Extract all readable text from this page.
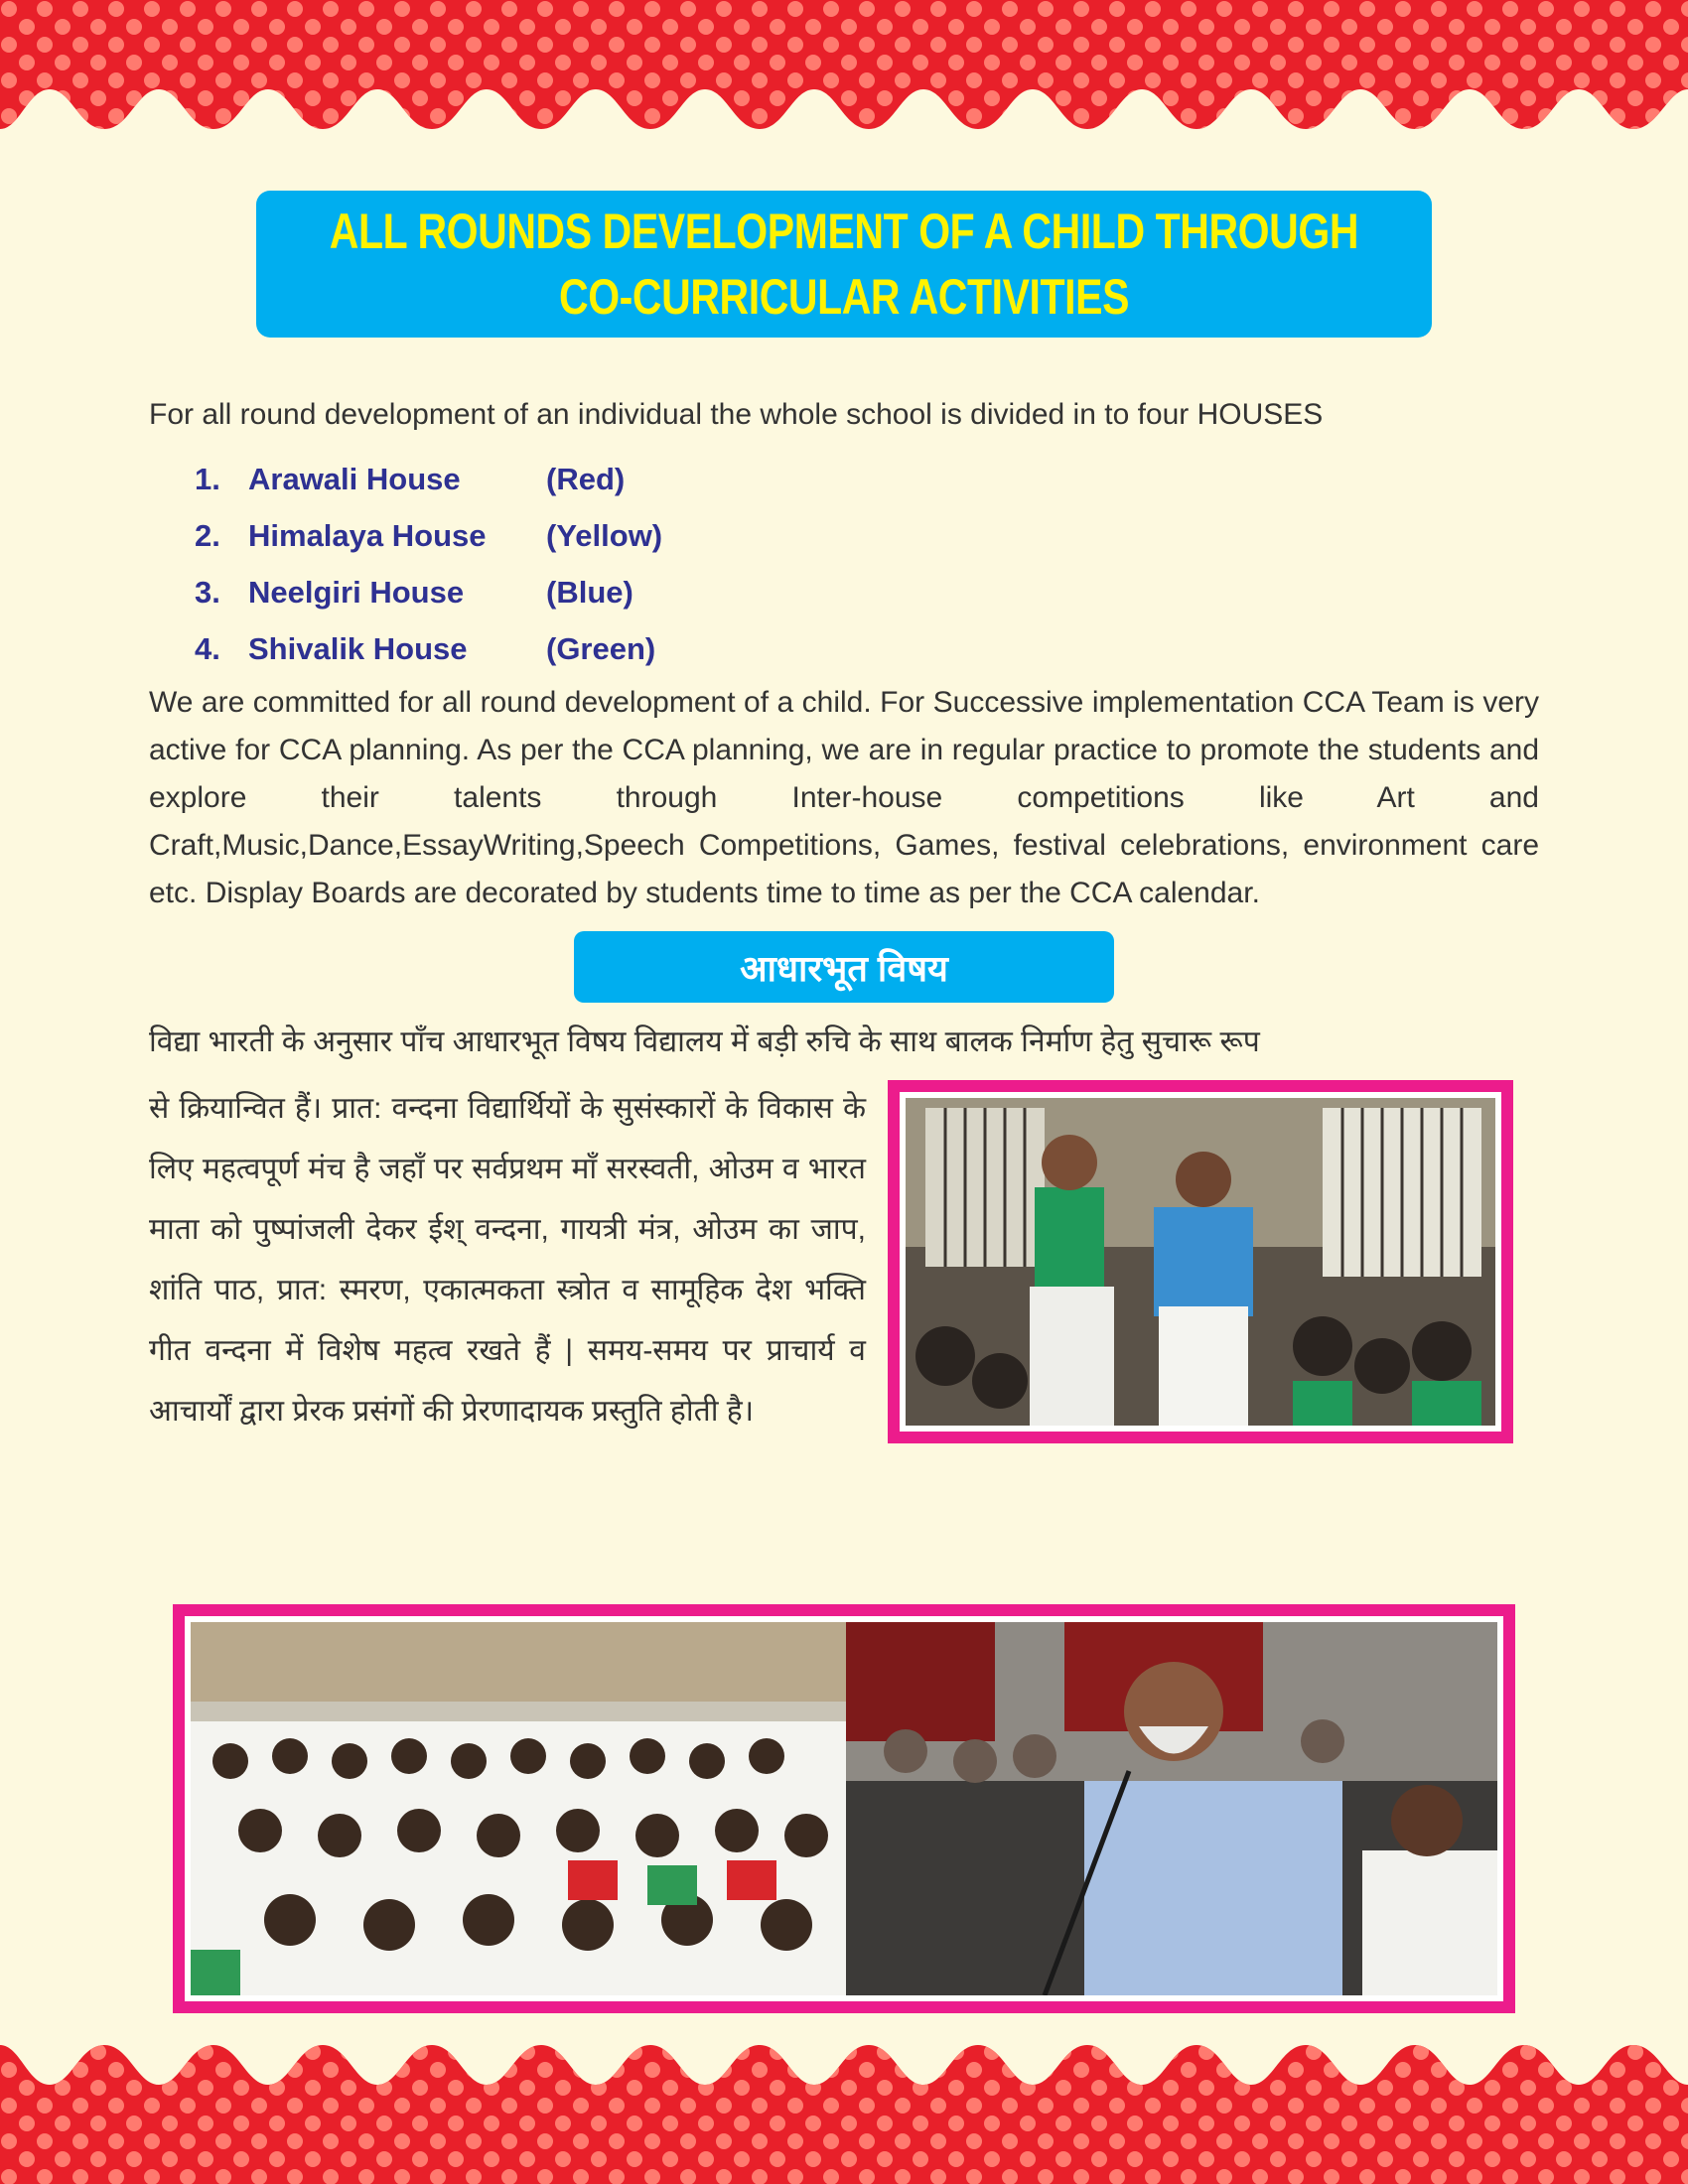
ALL ROUNDS DEVELOPMENT OF A CHILD THROUGH
CO-CURRICULAR ACTIVITIES
For all round development of an individual the whole school is divided in to four HOUSES
1. Arawali House	(Red)
2. Himalaya House	(Yellow)
3. Neelgiri House	(Blue)
4. Shivalik House	(Green)

We are committed for all round development of a child. For Successive implementation CCA Team is very active for CCA planning. As per the CCA planning, we are in regular practice to promote the students and explore their talents through Inter-house competitions like Art and Craft,Music,Dance,EssayWriting,Speech Competitions, Games, festival celebrations, environment care etc. Display Boards are decorated by students time to time as per the CCA calendar.

आधारभूत विषय

विद्या भारती के अनुसार पाँच आधारभूत विषय विद्यालय में बड़ी रुचि के साथ बालक निर्माण हेतु सुचारू रूप

से क्रियान्वित हैं। प्रात: वन्दना विद्यार्थियों के सुसंस्कारों के विकास के लिए महत्वपूर्ण मंच है जहाँ पर सर्वप्रथम माँ सरस्वती, ओउम व भारत माता को पुष्पांजली देकर ईश् वन्दना, गायत्री मंत्र, ओउम का जाप, शांति पाठ, प्रात: स्मरण, एकात्मकता स्त्रोत व सामूहिक देश भक्ति गीत वन्दना में विशेष महत्व रखते हैं | समय-समय पर प्राचार्य व आचार्यों द्वारा प्रेरक प्रसंगों की प्रेरणादायक प्रस्तुति होती है।
